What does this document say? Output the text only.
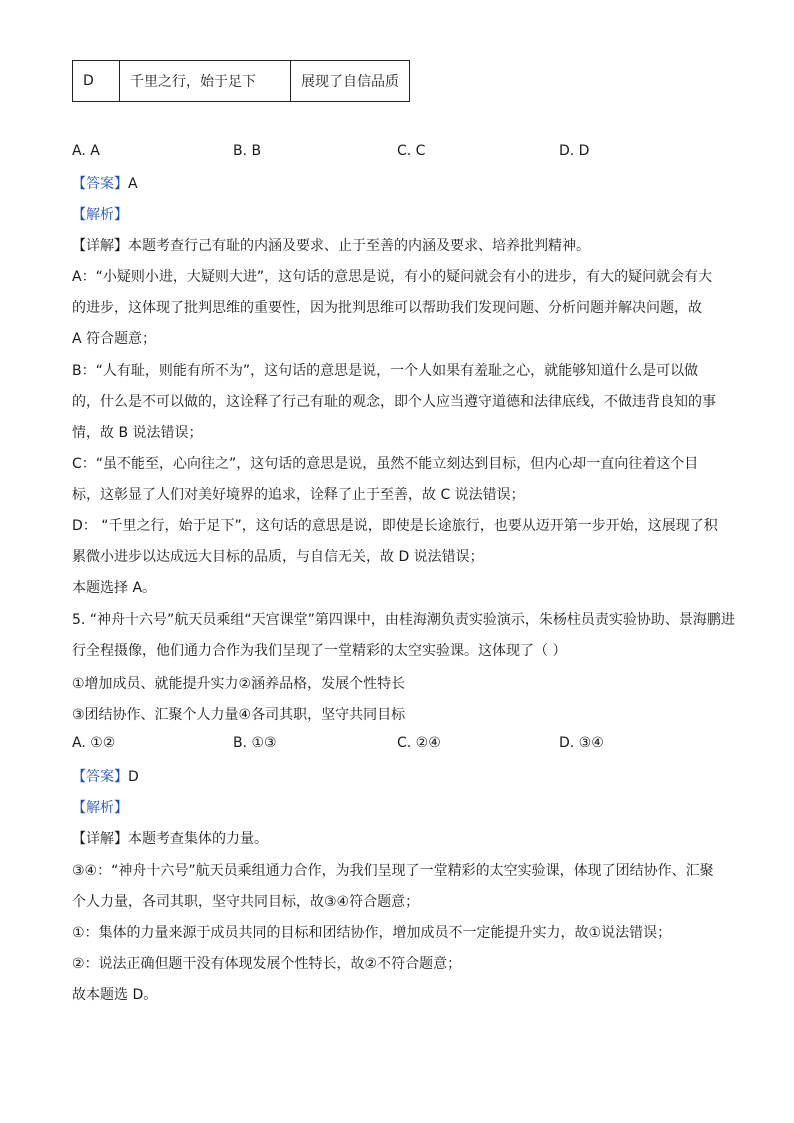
D	千里之行，始于足下	展现了自信品质
A. A	B. B	C. C	D. D
【答案】A
【解析】
【详解】本题考查行己有耻的内涵及要求、止于至善的内涵及要求、培养批判精神。
A：“小疑则小进，大疑则大进”，这句话的意思是说，有小的疑问就会有小的进步，有大的疑问就会有大
的进步，这体现了批判思维的重要性，因为批判思维可以帮助我们发现问题、分析问题并解决问题，故
A 符合题意；
B：“人有耻，则能有所不为”，这句话的意思是说，一个人如果有羞耻之心，就能够知道什么是可以做
的，什么是不可以做的，这诠释了行己有耻的观念，即个人应当遵守道德和法律底线，不做违背良知的事
情，故 B 说法错误；
C：“虽不能至，心向往之”，这句话的意思是说，虽然不能立刻达到目标，但内心却一直向往着这个目
标，这彰显了人们对美好境界的追求，诠释了止于至善，故 C 说法错误；
D： “千里之行，始于足下”，这句话的意思是说，即使是长途旅行，也要从迈开第一步开始，这展现了积
累微小进步以达成远大目标的品质，与自信无关，故 D 说法错误；
本题选择 A。
5. “神舟十六号”航天员乘组“天宫课堂”第四课中，由桂海潮负责实验演示，朱杨柱员责实验协助、景海鹏进
行全程摄像，他们通力合作为我们呈现了一堂精彩的太空实验课。这体现了（ ）
①增加成员、就能提升实力②涵养品格，发展个性特长
③团结协作、汇聚个人力量④各司其职，坚守共同目标
A. ①②	B. ①③	C. ②④	D. ③④
【答案】D
【解析】
【详解】本题考查集体的力量。
③④：“神舟十六号”航天员乘组通力合作，为我们呈现了一堂精彩的太空实验课，体现了团结协作、汇聚
个人力量，各司其职，坚守共同目标，故③④符合题意；
①：集体的力量来源于成员共同的目标和团结协作，增加成员不一定能提升实力，故①说法错误；
②：说法正确但题干没有体现发展个性特长，故②不符合题意；
故本题选 D。
